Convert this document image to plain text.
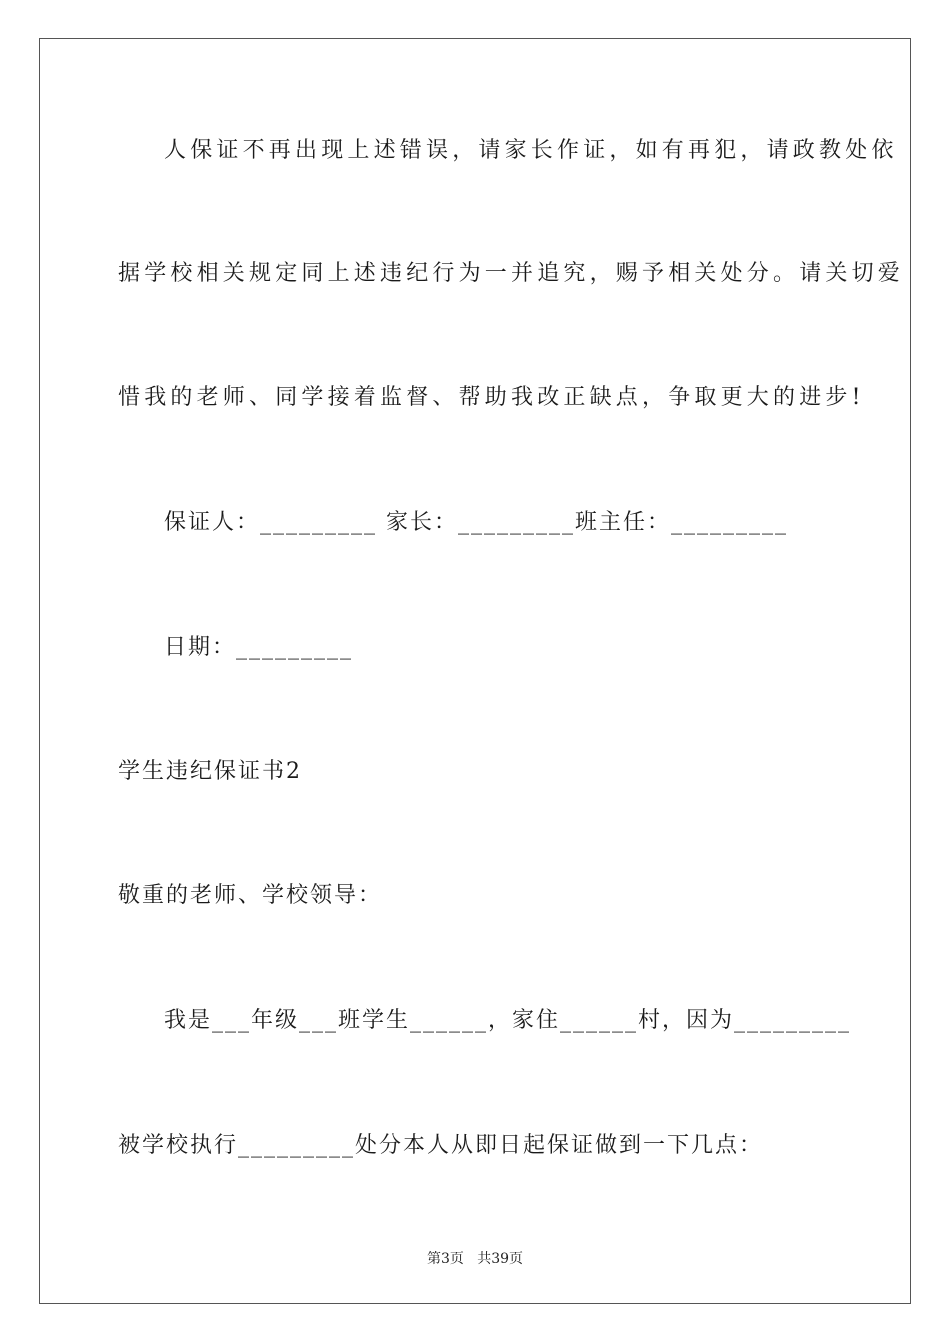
人保证不再出现上述错误，请家长作证，如有再犯，请政教处依
据学校相关规定同上述违纪行为一并追究，赐予相关处分。请关切爱
惜我的老师、同学接着监督、帮助我改正缺点，争取更大的进步!
保证人：_________ 家长：_________班主任：_________
日期：_________
学生违纪保证书2
敬重的老师、学校领导：
我是___年级___班学生______，家住______村，因为_________
被学校执行_________处分本人从即日起保证做到一下几点：
第3页   共39页
